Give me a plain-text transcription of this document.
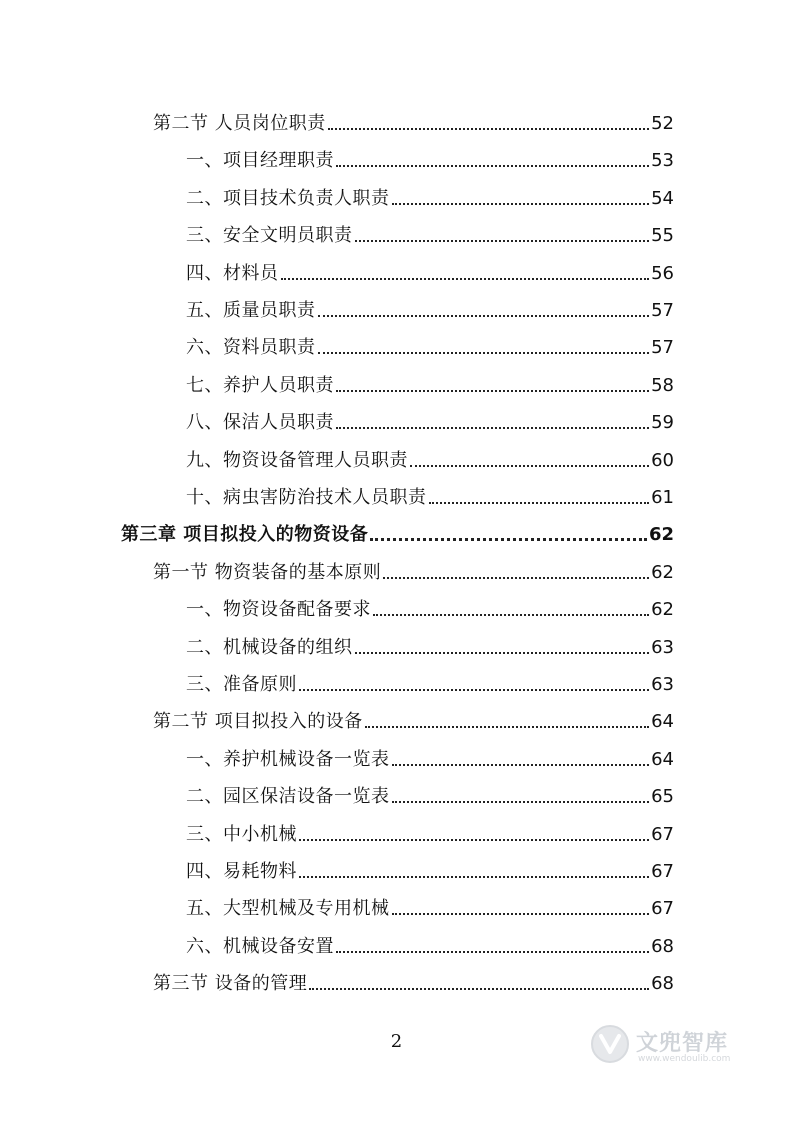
第二节 人员岗位职责	52
一、项目经理职责	53
二、项目技术负责人职责	54
三、安全文明员职责	55
四、材料员	56
五、质量员职责	57
六、资料员职责	57
七、养护人员职责	58
八、保洁人员职责	59
九、物资设备管理人员职责	60
十、病虫害防治技术人员职责	61
第三章 项目拟投入的物资设备	62
第一节 物资装备的基本原则	62
一、物资设备配备要求	62
二、机械设备的组织	63
三、准备原则	63
第二节 项目拟投入的设备	64
一、养护机械设备一览表	64
二、园区保洁设备一览表	65
三、中小机械	67
四、易耗物料	67
五、大型机械及专用机械	67
六、机械设备安置	68
第三节 设备的管理	68
2	文兜智库
www.wendoulib.com
